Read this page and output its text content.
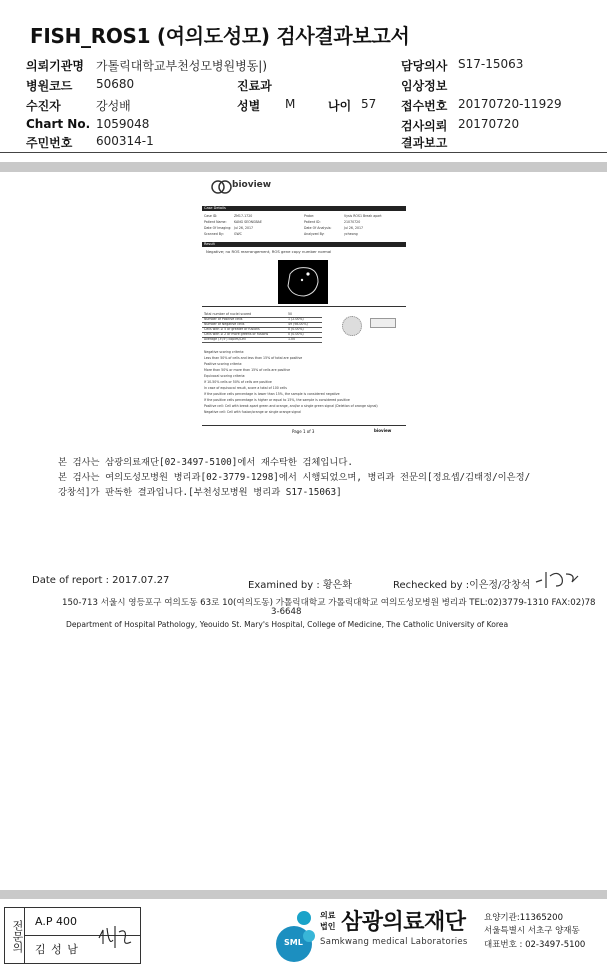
FISH_ROS1 (여의도성모) 검사결과보고서
의뢰기관명 가톨릭대학교부천성모병원병동|)	담당의사 S17-15063
병원코드 50680	진료과	임상정보
수진자	강성배	성별 M	나이 57 접수번호 20170720-11929
Chart No. 1059048	검사의뢰 20170720
주민번호 600314-1	결과보고
bioview
Case Details
Case ID:	ZM17-1720	Probe:	Vysis ROS1 Break apart
Patient Name: KANG SEONGBAE	Patient ID:	21070720
Date Of Imaging: Jul 26, 2017	Date Of Analysis:	Jul 26, 2017
Scanned By:	GWC	Analyzed By:	ycheong
Result
Negative; no ROS rearrangement, ROS gene copy number normal
Total number of nuclei scored	50
Number of Positive cells	1 (2.00%)
Number of Negative cells	49 (98.00%)
Cells with ≥ 5 or greater or fusions	0 (0.00%)
Cells with ≥ 2 or more greens or fusions	0 (0.00%)
Average (3'/5') copies/Cell	1.00
Negative scoring criteria:
Less than 50% of cells and less than 15% of total are positive
Positive scoring criteria:
More than 50% or more than 15% of cells are positive
Equivocal scoring criteria:
If 10-50% cells or 50% of cells are positive
In case of equivocal result, score a total of 100 cells
If the positive cells percentage is lower than 15%, the sample is considered negative
If the positive cells percentage is higher or equal to 15%, the sample is considered positive
Positive cell: Cell with break apart green and orange, and/or a single green signal (Deletion of orange signal)
Negative cell: Cell with fusion/orange or single orange signal
Page 1 of 3	bioview
본 검사는 삼광의료재단[02-3497-5100]에서 재수탁한 검체입니다.
본 검사는 여의도성모병원 병리과[02-3779-1298]에서 시행되었으며, 병리과 전문의[정요셉/김태정/이은정/
강창석]가 판독한 결과입니다.[부천성모병원 병리과 S17-15063]
Date of report : 2017.07.27	Examined by : 황은화	Rechecked by :이은정/강창석
150-713 서울시 영등포구 여의도동 63로 10(여의도동) 가톨릭대학교 가톨릭대학교 여의도성모병원 병리과 TEL:02)3779-1310 FAX:02)78
3-6648
Department of Hospital Pathology, Yeouido St. Mary's Hospital, College of Medicine, The Catholic University of Korea
전문의 A.P 400
김 성 남
SML
의료
법인 삼광의료재단
Samkwang medical Laboratories
요양기관:11365200
서울특별시 서초구 양재동
대표번호 : 02-3497-5100
